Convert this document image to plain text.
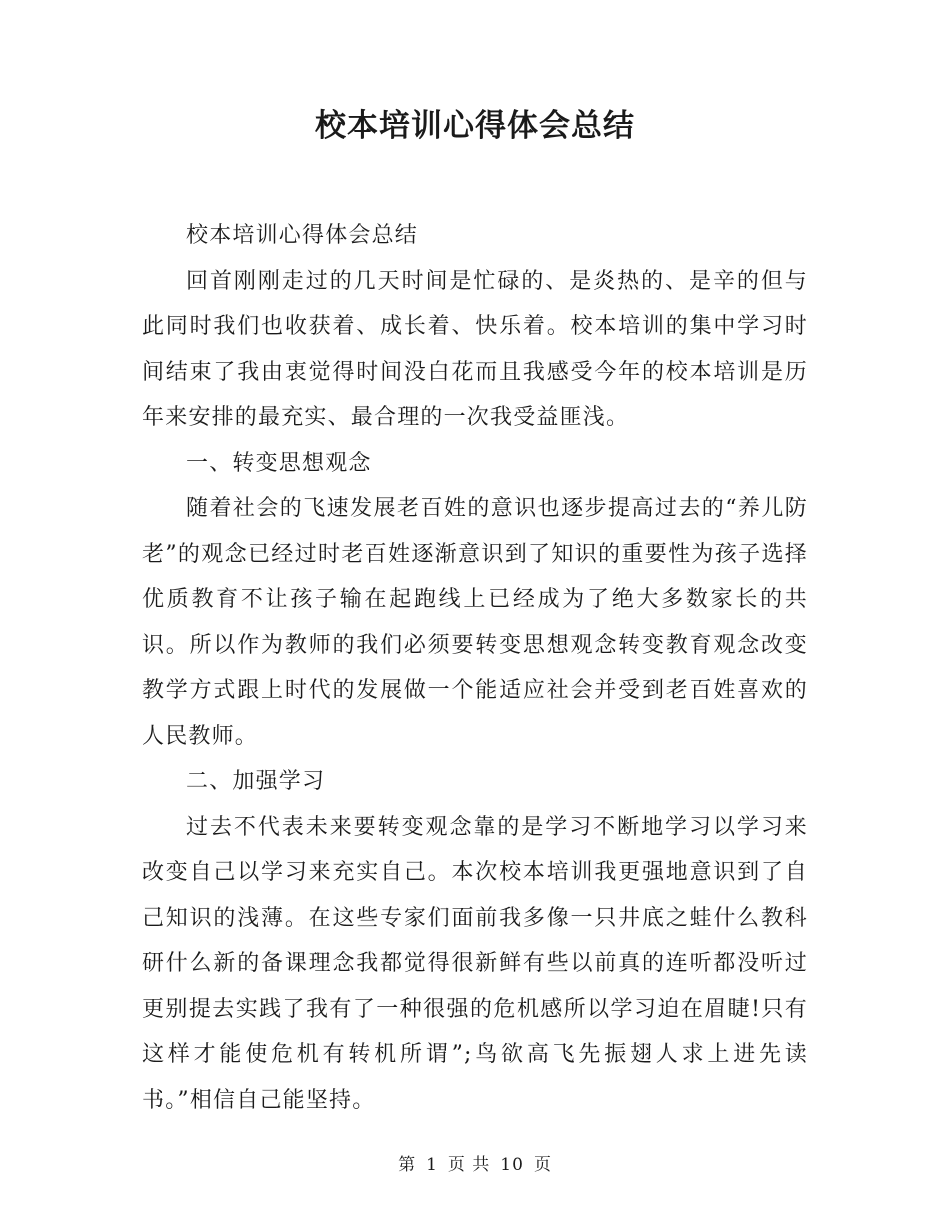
校本培训心得体会总结

校本培训心得体会总结

回首刚刚走过的几天时间是忙碌的、是炎热的、是辛的但与此同时我们也收获着、成长着、快乐着。校本培训的集中学习时间结束了我由衷觉得时间没白花而且我感受今年的校本培训是历年来安排的最充实、最合理的一次我受益匪浅。

一、转变思想观念

随着社会的飞速发展老百姓的意识也逐步提高过去的“养儿防老”的观念已经过时老百姓逐渐意识到了知识的重要性为孩子选择优质教育不让孩子输在起跑线上已经成为了绝大多数家长的共识。所以作为教师的我们必须要转变思想观念转变教育观念改变教学方式跟上时代的发展做一个能适应社会并受到老百姓喜欢的人民教师。

二、加强学习

过去不代表未来要转变观念靠的是学习不断地学习以学习来改变自己以学习来充实自己。本次校本培训我更强地意识到了自己知识的浅薄。在这些专家们面前我多像一只井底之蛙什么教科研什么新的备课理念我都觉得很新鲜有些以前真的连听都没听过更别提去实践了我有了一种很强的危机感所以学习迫在眉睫!只有这样才能使危机有转机所谓”;鸟欲高飞先振翅人求上进先读书。”相信自己能坚持。

第 1 页 共 10 页
